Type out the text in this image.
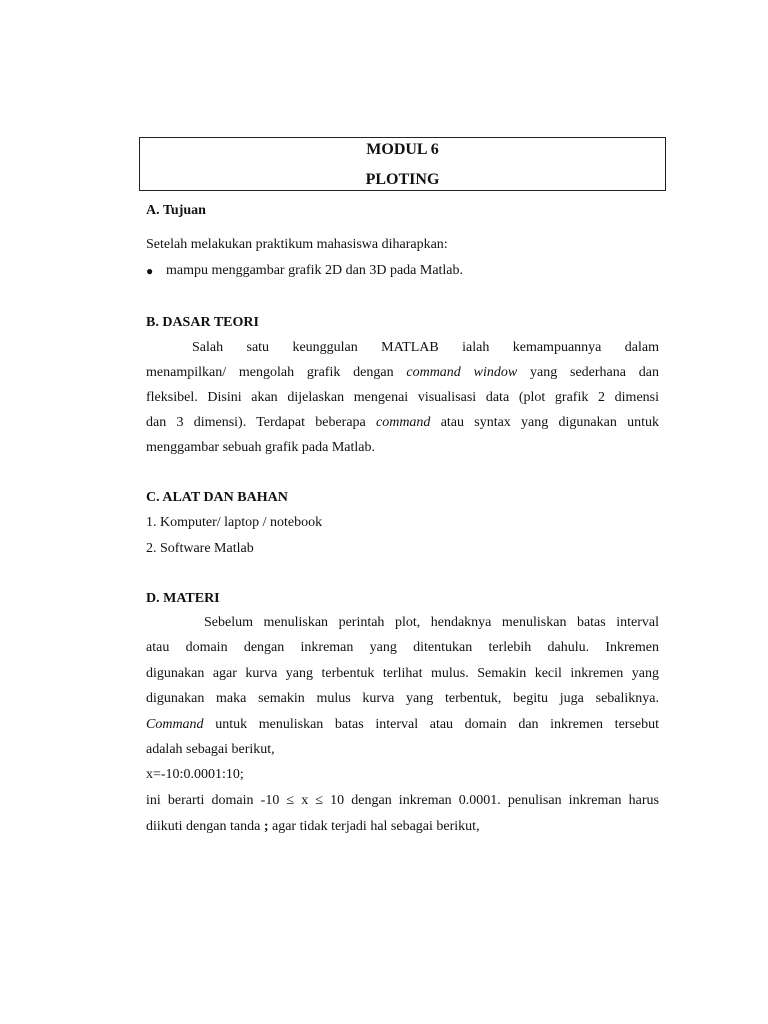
MODUL 6
PLOTING
A. Tujuan
Setelah melakukan praktikum mahasiswa diharapkan:
● mampu menggambar grafik 2D dan 3D pada Matlab.
B. DASAR TEORI
Salah satu keunggulan MATLAB ialah kemampuannya dalam
menampilkan/ mengolah grafik dengan command window yang sederhana dan
fleksibel. Disini akan dijelaskan mengenai visualisasi data (plot grafik 2 dimensi
dan 3 dimensi). Terdapat beberapa command atau syntax yang digunakan untuk
menggambar sebuah grafik pada Matlab.
C. ALAT DAN BAHAN
1. Komputer/ laptop / notebook
2. Software Matlab
D. MATERI
Sebelum menuliskan perintah plot, hendaknya menuliskan batas interval
atau domain dengan inkreman yang ditentukan terlebih dahulu. Inkremen
digunakan agar kurva yang terbentuk terlihat mulus. Semakin kecil inkremen yang
digunakan maka semakin mulus kurva yang terbentuk, begitu juga sebaliknya.
Command untuk menuliskan batas interval atau domain dan inkremen tersebut
adalah sebagai berikut,
x=-10:0.0001:10;
ini berarti domain -10 ≤ x ≤ 10 dengan inkreman 0.0001. penulisan inkreman harus
diikuti dengan tanda ; agar tidak terjadi hal sebagai berikut,
